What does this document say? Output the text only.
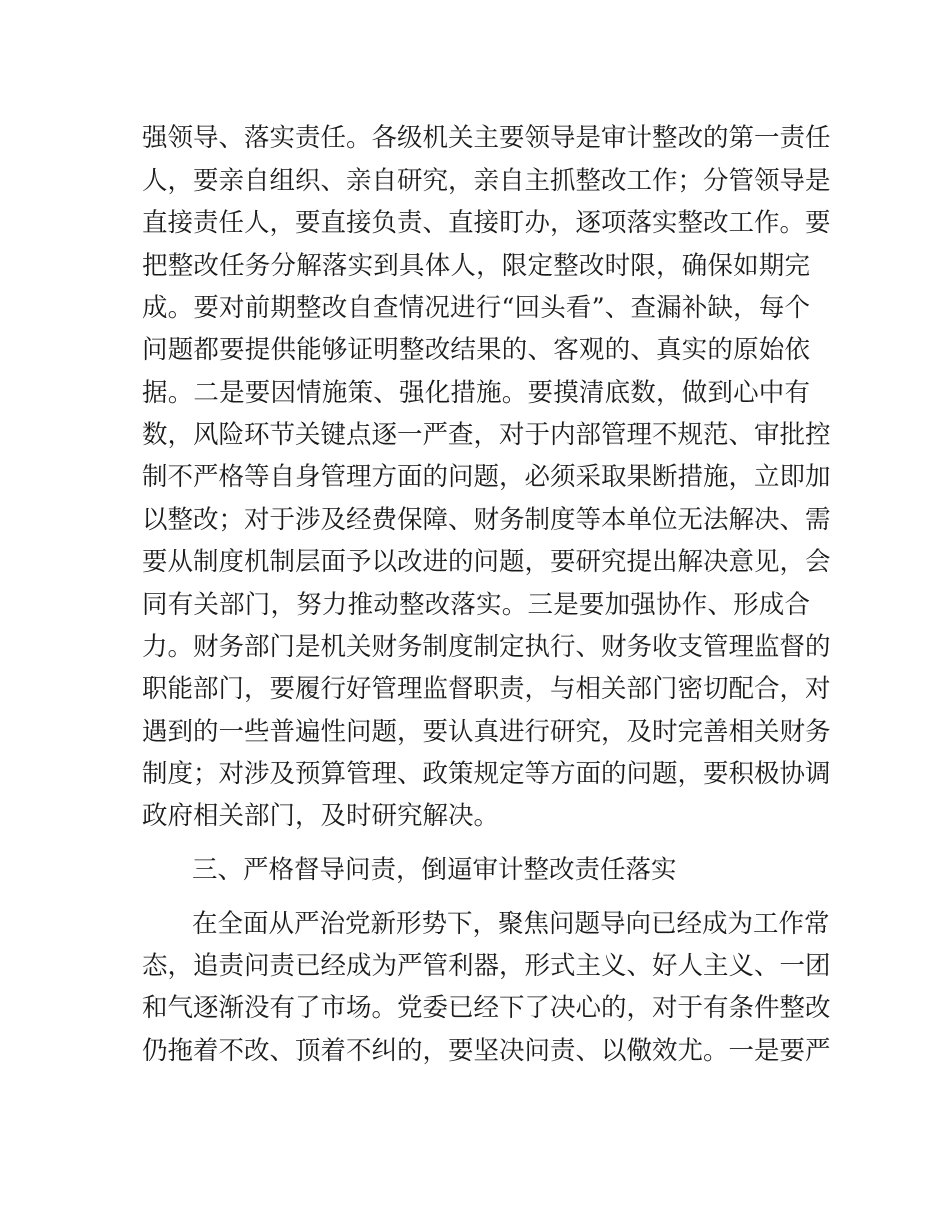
强领导、落实责任。各级机关主要领导是审计整改的第一责任
人，要亲自组织、亲自研究，亲自主抓整改工作；分管领导是
直接责任人，要直接负责、直接盯办，逐项落实整改工作。要
把整改任务分解落实到具体人，限定整改时限，确保如期完
成。要对前期整改自查情况进行“回头看”、查漏补缺，每个
问题都要提供能够证明整改结果的、客观的、真实的原始依
据。二是要因情施策、强化措施。要摸清底数，做到心中有
数，风险环节关键点逐一严查，对于内部管理不规范、审批控
制不严格等自身管理方面的问题，必须采取果断措施，立即加
以整改；对于涉及经费保障、财务制度等本单位无法解决、需
要从制度机制层面予以改进的问题，要研究提出解决意见，会
同有关部门，努力推动整改落实。三是要加强协作、形成合
力。财务部门是机关财务制度制定执行、财务收支管理监督的
职能部门，要履行好管理监督职责，与相关部门密切配合，对
遇到的一些普遍性问题，要认真进行研究，及时完善相关财务
制度；对涉及预算管理、政策规定等方面的问题，要积极协调
政府相关部门，及时研究解决。
三、严格督导问责，倒逼审计整改责任落实
在全面从严治党新形势下，聚焦问题导向已经成为工作常
态，追责问责已经成为严管利器，形式主义、好人主义、一团
和气逐渐没有了市场。党委已经下了决心的，对于有条件整改
仍拖着不改、顶着不纠的，要坚决问责、以儆效尤。一是要严
